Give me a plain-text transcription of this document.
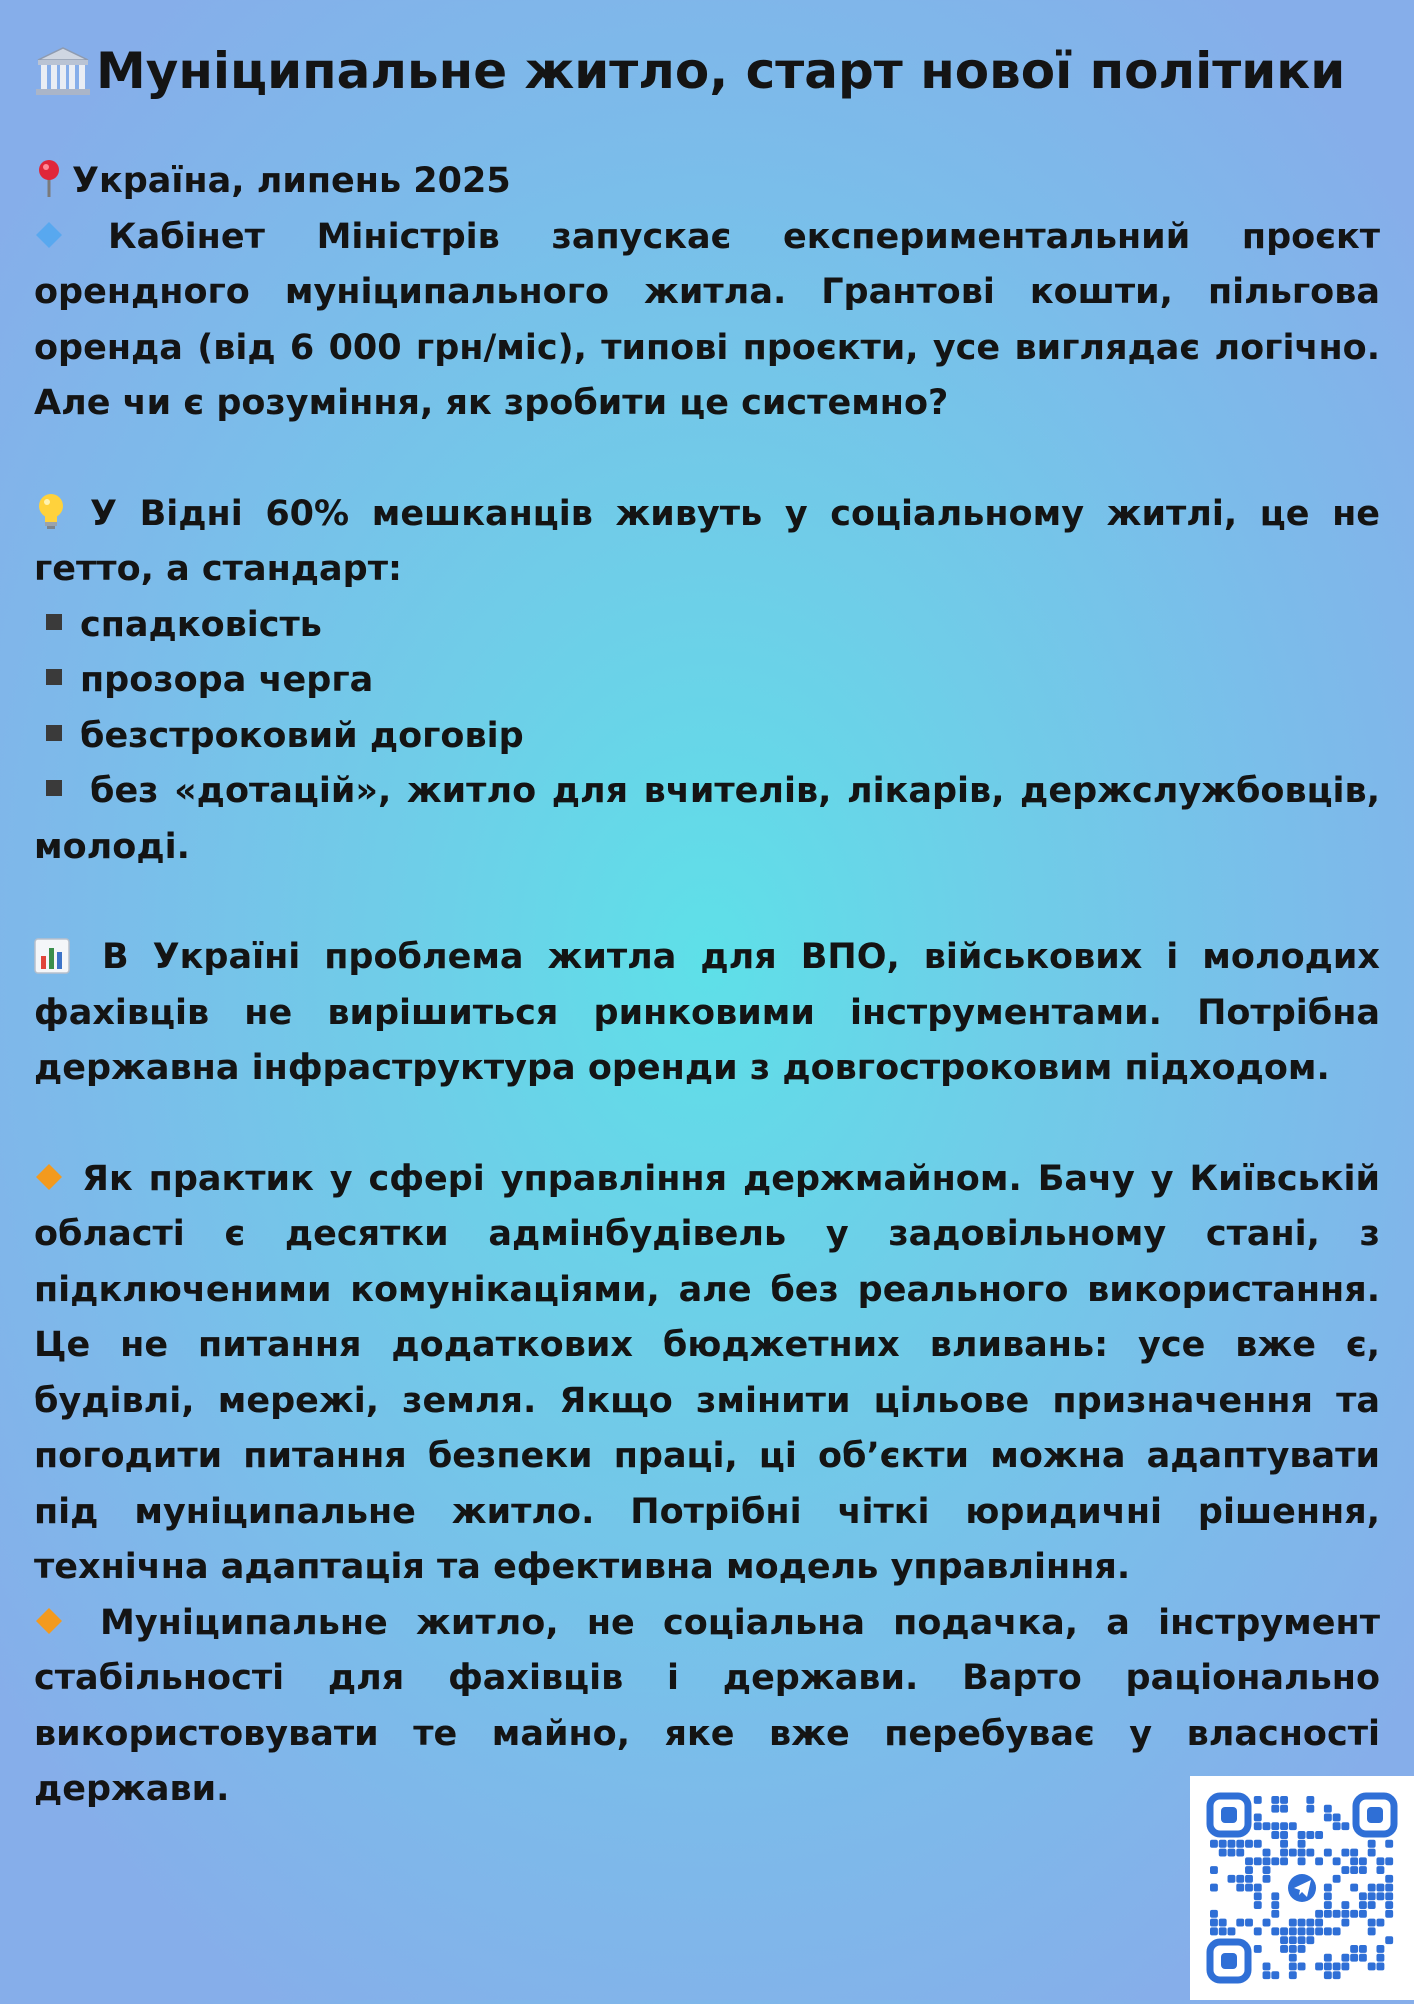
Муніципальне житло, старт нової політики

Україна, липень 2025

Кабінет Міністрів запускає експериментальний проєкт орендного муніципального житла. Грантові кошти, пільгова оренда (від 6 000 грн/міс), типові проєкти, усе виглядає логічно. Але чи є розуміння, як зробити це системно?

У Відні 60% мешканців живуть у соціальному житлі, це не гетто, а стандарт:

спадковість
прозора черга
безстроковий договір
без «дотацій», житло для вчителів, лікарів, держслужбовців, молоді.

В Україні проблема житла для ВПО, військових і молодих фахівців не вирішиться ринковими інструментами. Потрібна державна інфраструктура оренди з довгостроковим підходом.

Як практик у сфері управління держмайном. Бачу у Київській області є десятки адмінбудівель у задовільному стані, з підключеними комунікаціями, але без реального використання. Це не питання додаткових бюджетних вливань: усе вже є, будівлі, мережі, земля. Якщо змінити цільове призначення та погодити питання безпеки праці, ці об’єкти можна адаптувати під муніципальне житло. Потрібні чіткі юридичні рішення, технічна адаптація та ефективна модель управління.

Муніципальне житло, не соціальна подачка, а інструмент стабільності для фахівців і держави. Варто раціонально використовувати те майно, яке вже перебуває у власності держави.
